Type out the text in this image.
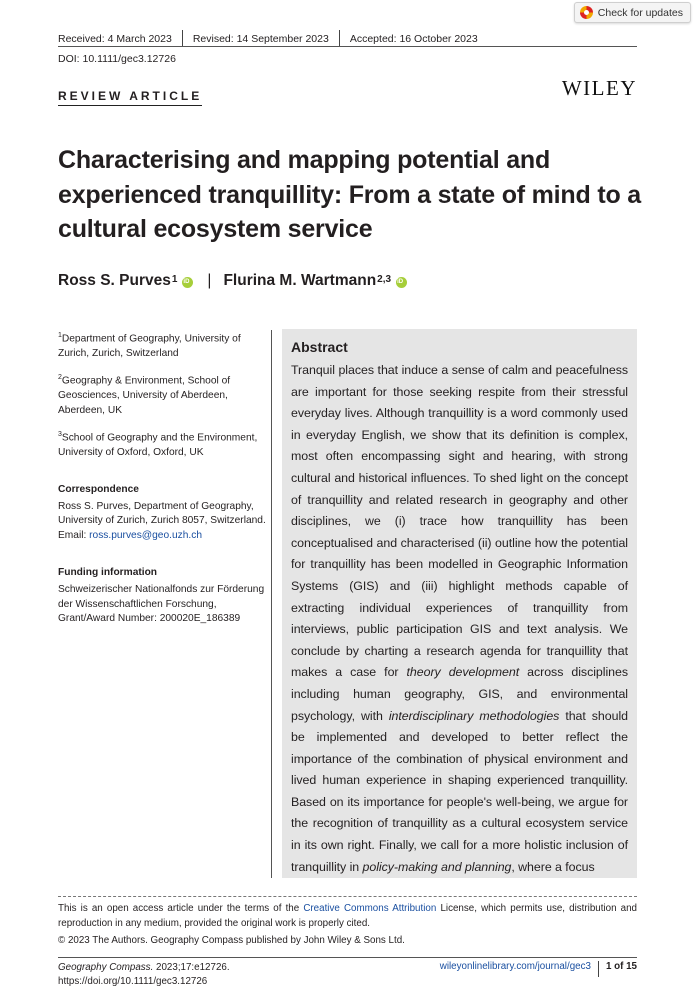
Check for updates
Received: 4 March 2023	Revised: 14 September 2023	Accepted: 16 October 2023
DOI: 10.1111/gec3.12726
WILEY
REVIEW ARTICLE
Characterising and mapping potential and experienced tranquillity: From a state of mind to a cultural ecosystem service
Ross S. Purves$^1$
iD | Flurina M. Wartmann$^{2,3}$
iD

$^1$Department of Geography, University of Zurich, Zurich, Switzerland

$^2$Geography & Environment, School of Geosciences, University of Aberdeen, Aberdeen, UK

$^3$School of Geography and the Environment, University of Oxford, Oxford, UK

Correspondence

Ross S. Purves, Department of Geography, University of Zurich, Zurich 8057, Switzerland.
Email: ross.purves@geo.uzh.ch

Funding information

Schweizerischer Nationalfonds zur Förderung der Wissenschaftlichen Forschung, Grant/Award Number: 200020E_186389

Abstract
Tranquil places that induce a sense of calm and peacefulness are important for those seeking respite from their stressful everyday lives. Although tranquillity is a word commonly used in everyday English, we show that its definition is complex, most often encompassing sight and hearing, with strong cultural and historical influences. To shed light on the concept of tranquillity and related research in geography and other disciplines, we (i) trace how tranquillity has been conceptualised and characterised (ii) outline how the potential for tranquillity has been modelled in Geographic Information Systems (GIS) and (iii) highlight methods capable of extracting individual experiences of tranquillity from interviews, public participation GIS and text analysis. We conclude by charting a research agenda for tranquillity that makes a case for theory development across disciplines including human geography, GIS, and environmental psychology, with interdisciplinary methodologies that should be implemented and developed to better reflect the importance of the combination of physical environment and lived human experience in shaping experienced tranquillity. Based on its importance for people's well-being, we argue for the recognition of tranquillity as a cultural ecosystem service in its own right. Finally, we call for a more holistic inclusion of tranquillity in policy-making and planning, where a focus
This is an open access article under the terms of the Creative Commons Attribution License, which permits use, distribution and reproduction in any medium, provided the original work is properly cited.
© 2023 The Authors. Geography Compass published by John Wiley & Sons Ltd.
Geography Compass. 2023;17:e12726.
https://doi.org/10.1111/gec3.12726
wileyonlinelibrary.com/journal/gec3 1 of 15
